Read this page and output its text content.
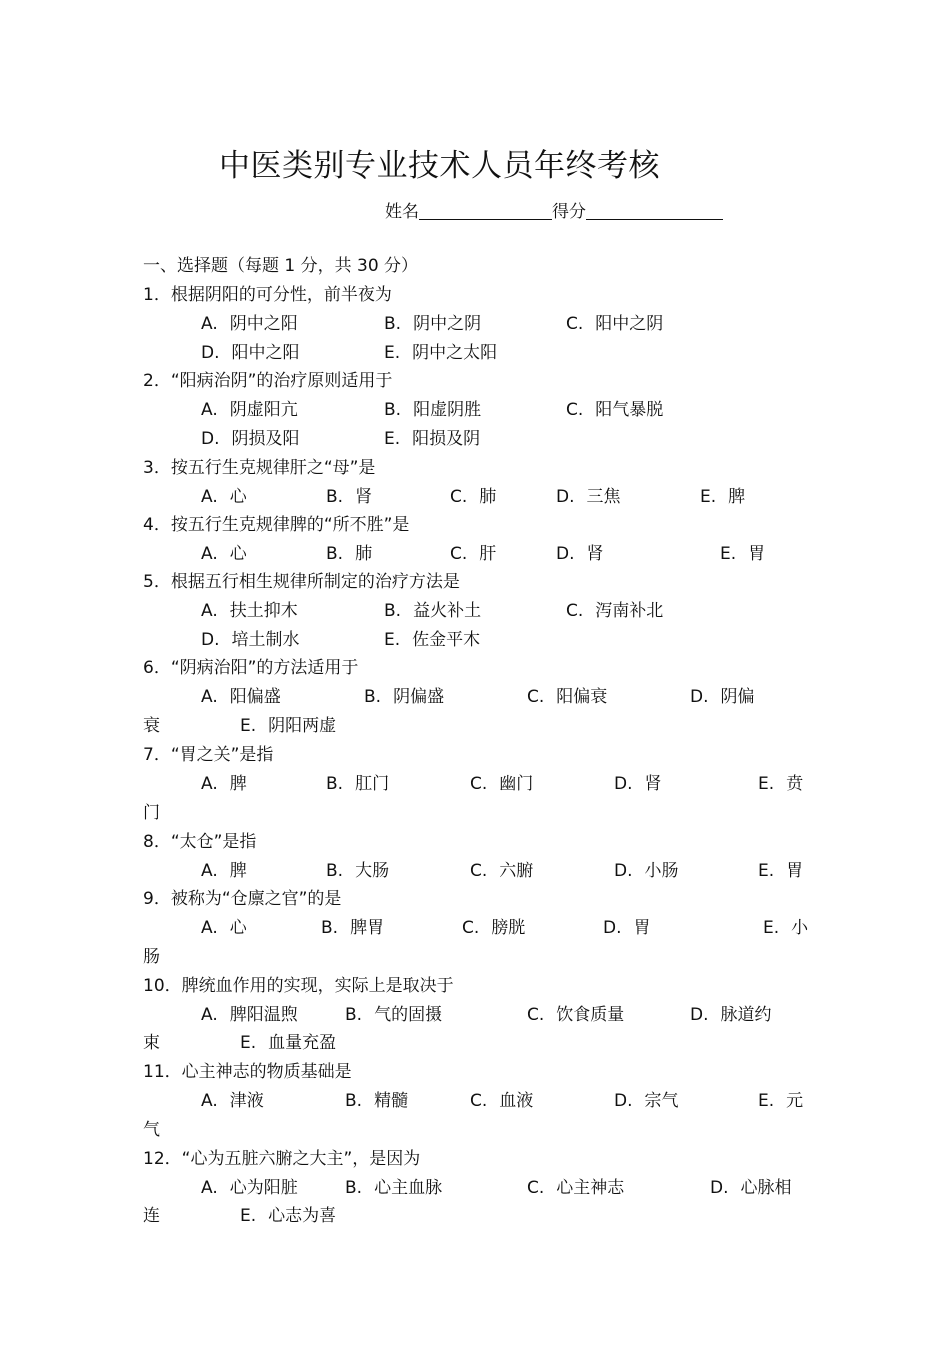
中医类别专业技术人员年终考核
姓名	得分
一、选择题（每题 1 分，共 30 分）
1．根据阴阳的可分性，前半夜为
A. 阴中之阳	B. 阴中之阴	C. 阳中之阴
D. 阳中之阳	E. 阴中之太阳
2．“阳病治阴”的治疗原则适用于
A. 阴虚阳亢	B. 阳虚阴胜	C. 阳气暴脱
D. 阴损及阳	E. 阳损及阴
3．按五行生克规律肝之“母”是
A. 心	B. 肾	C. 肺	D. 三焦	E. 脾
4．按五行生克规律脾的“所不胜”是
A. 心	B. 肺	C. 肝	D. 肾	E. 胃
5．根据五行相生规律所制定的治疗方法是
A. 扶土抑木	B. 益火补土	C. 泻南补北
D. 培土制水	E. 佐金平木
6．“阴病治阳”的方法适用于
A. 阳偏盛	B. 阴偏盛	C. 阳偏衰	D. 阴偏
衰	E. 阴阳两虚
7．“胃之关”是指
A. 脾	B. 肛门	C. 幽门	D. 肾	E. 贲
门
8．“太仓”是指
A. 脾	B. 大肠	C. 六腑	D. 小肠	E. 胃
9．被称为“仓廪之官”的是
A. 心	B. 脾胃	C. 膀胱	D. 胃	E. 小
肠
10．脾统血作用的实现，实际上是取决于
A. 脾阳温煦	B. 气的固摄	C. 饮食质量	D. 脉道约
束	E. 血量充盈
11．心主神志的物质基础是
A. 津液	B. 精髓	C. 血液	D. 宗气	E. 元
气
12．“心为五脏六腑之大主”，是因为
A. 心为阳脏	B. 心主血脉	C. 心主神志	D. 心脉相
连	E. 心志为喜
